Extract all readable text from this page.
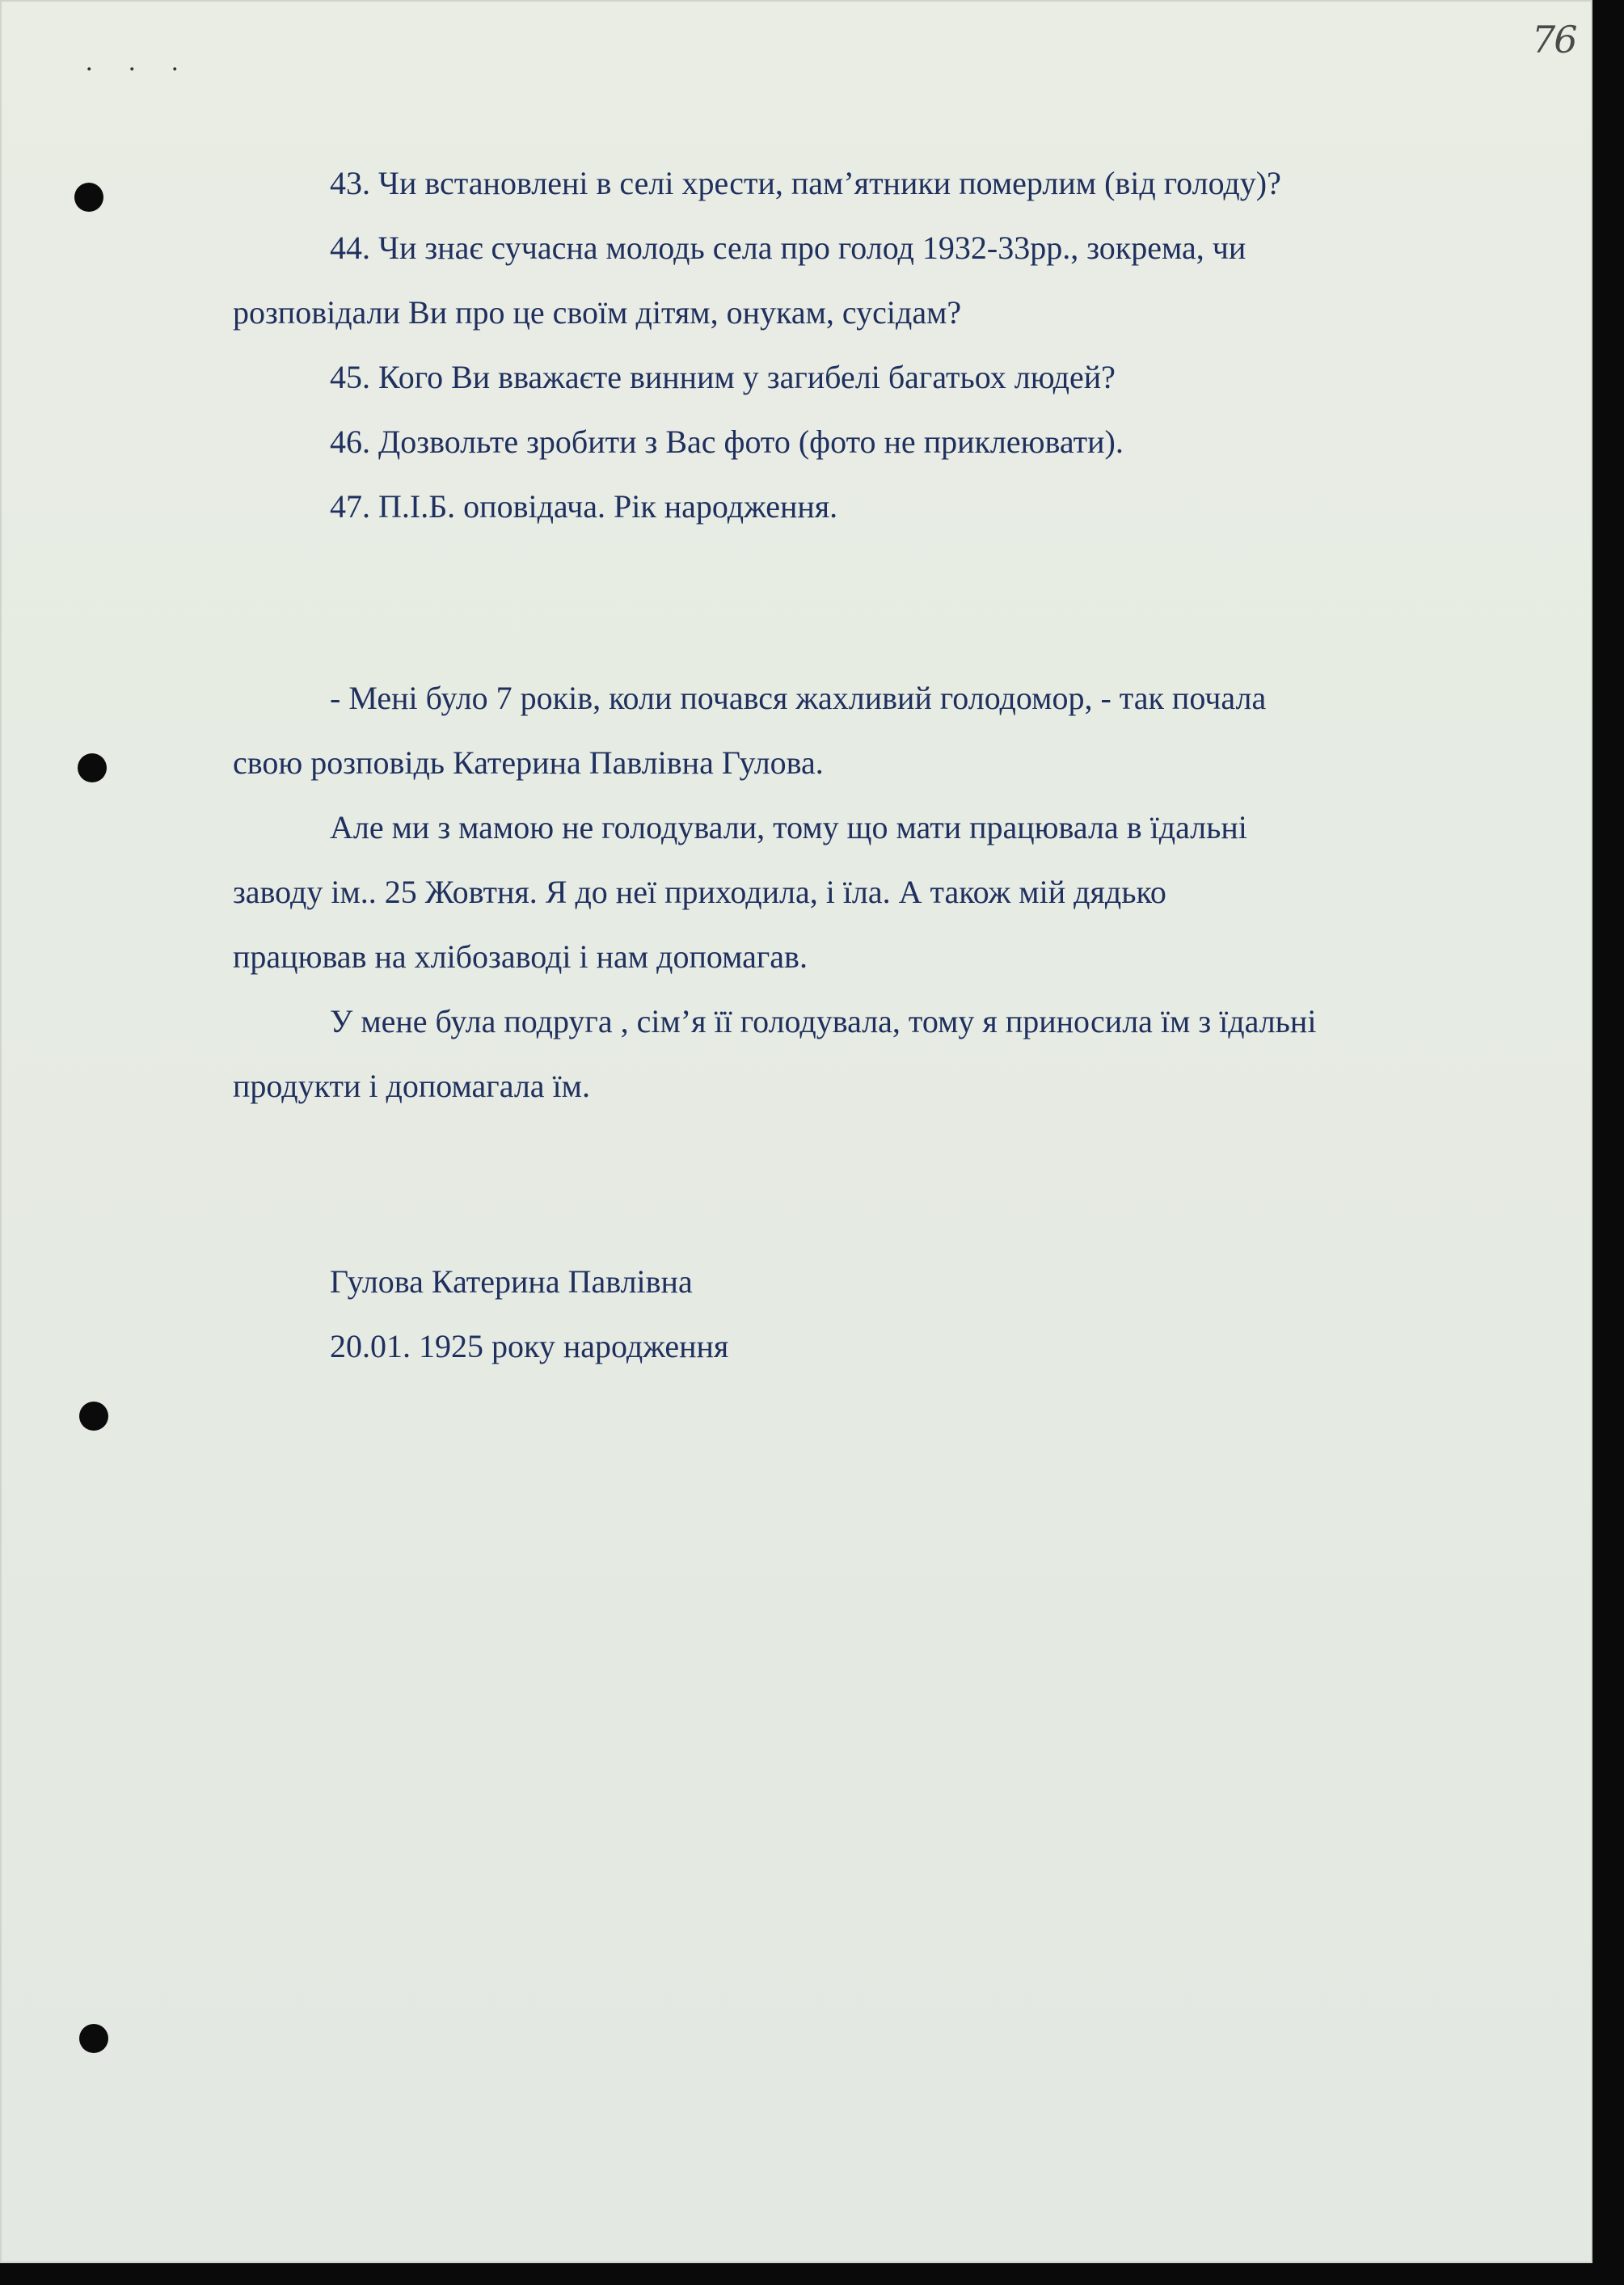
. . .
76
43. Чи встановлені в селі хрести, пам’ятники померлим (від голоду)?
44. Чи знає сучасна молодь села про голод 1932-33рр., зокрема, чи
розповідали Ви про це своїм дітям, онукам, сусідам?
45. Кого Ви вважаєте винним у загибелі багатьох людей?
46. Дозвольте зробити з Вас фото (фото не приклеювати).
47. П.І.Б. оповідача. Рік народження.
- Мені було 7 років, коли почався жахливий голодомор, - так почала
свою розповідь Катерина Павлівна Гулова.
Але ми з мамою не голодували, тому що мати працювала в їдальні
заводу ім.. 25 Жовтня. Я до неї приходила, і їла. А також мій дядько
працював на хлібозаводі і нам допомагав.
У мене була подруга , сім’я її голодувала, тому я приносила їм з їдальні
продукти і допомагала їм.
Гулова Катерина Павлівна
20.01. 1925 року народження
